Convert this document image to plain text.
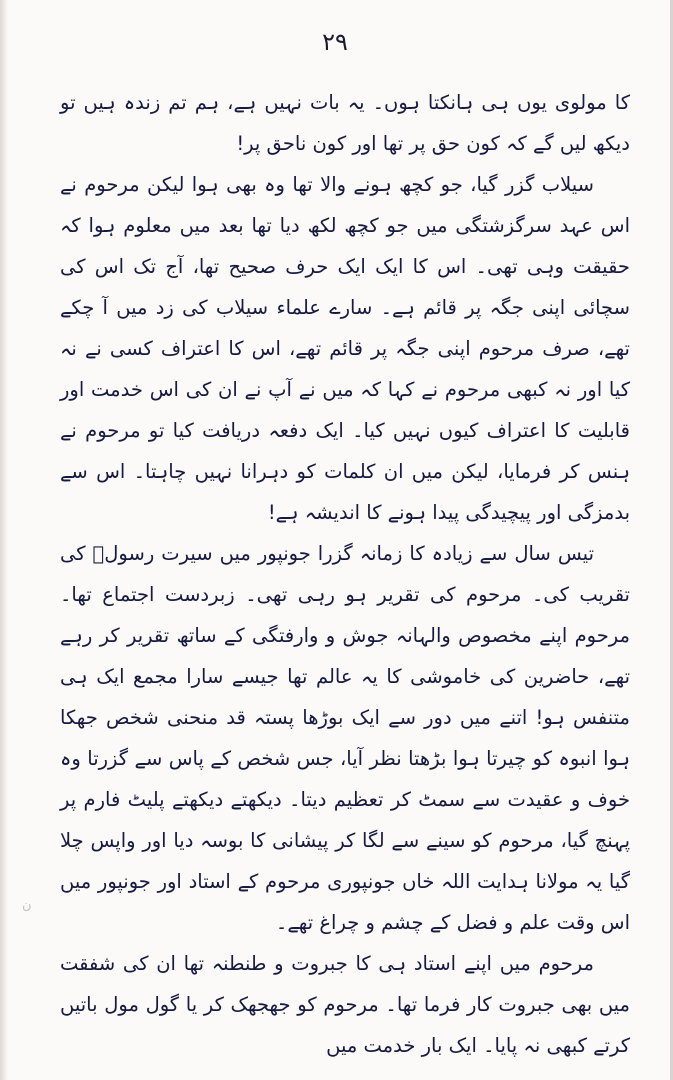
۲۹

کا مولوی یوں ہی ہانکتا ہوں۔ یہ بات نہیں ہے، ہم تم زندہ ہیں تو دیکھ لیں گے کہ کون حق پر تھا اور کون ناحق پر!

سیلاب گزر گیا، جو کچھ ہونے والا تھا وہ بھی ہوا لیکن مرحوم نے اس عہد سرگزشتگی میں جو کچھ لکھ دیا تھا بعد میں معلوم ہوا کہ حقیقت وہی تھی۔ اس کا ایک ایک حرف صحیح تھا، آج تک اس کی سچائی اپنی جگہ پر قائم ہے۔ سارے علماء سیلاب کی زد میں آ چکے تھے، صرف مرحوم اپنی جگہ پر قائم تھے، اس کا اعتراف کسی نے نہ کیا اور نہ کبھی مرحوم نے کہا کہ میں نے آپ نے ان کی اس خدمت اور قابلیت کا اعتراف کیوں نہیں کیا۔ ایک دفعہ دریافت کیا تو مرحوم نے ہنس کر فرمایا، لیکن میں ان کلمات کو دہرانا نہیں چاہتا۔ اس سے بدمزگی اور پیچیدگی پیدا ہونے کا اندیشہ ہے!

تیس سال سے زیادہ کا زمانہ گزرا جونپور میں سیرت رسولؐ کی تقریب کی۔ مرحوم کی تقریر ہو رہی تھی۔ زبردست اجتماع تھا۔ مرحوم اپنے مخصوص والہانہ جوش و وارفتگی کے ساتھ تقریر کر رہے تھے، حاضرین کی خاموشی کا یہ عالم تھا جیسے سارا مجمع ایک ہی متنفس ہو! اتنے میں دور سے ایک بوڑھا پستہ قد منحنی شخص جھکا ہوا انبوہ کو چیرتا ہوا بڑھتا نظر آیا، جس شخص کے پاس سے گزرتا وہ خوف و عقیدت سے سمٹ کر تعظیم دیتا۔ دیکھتے دیکھتے پلیٹ فارم پر پہنچ گیا، مرحوم کو سینے سے لگا کر پیشانی کا بوسہ دیا اور واپس چلا گیا یہ مولانا ہدایت اللہ خاں جونپوری مرحوم کے استاد اور جونپور میں اس وقت علم و فضل کے چشم و چراغ تھے۔

مرحوم میں اپنے استاد ہی کا جبروت و طنطنہ تھا ان کی شفقت میں بھی جبروت کار فرما تھا۔ مرحوم کو جھجھک کر یا گول مول باتیں کرتے کبھی نہ پایا۔ ایک بار خدمت میں

ن
